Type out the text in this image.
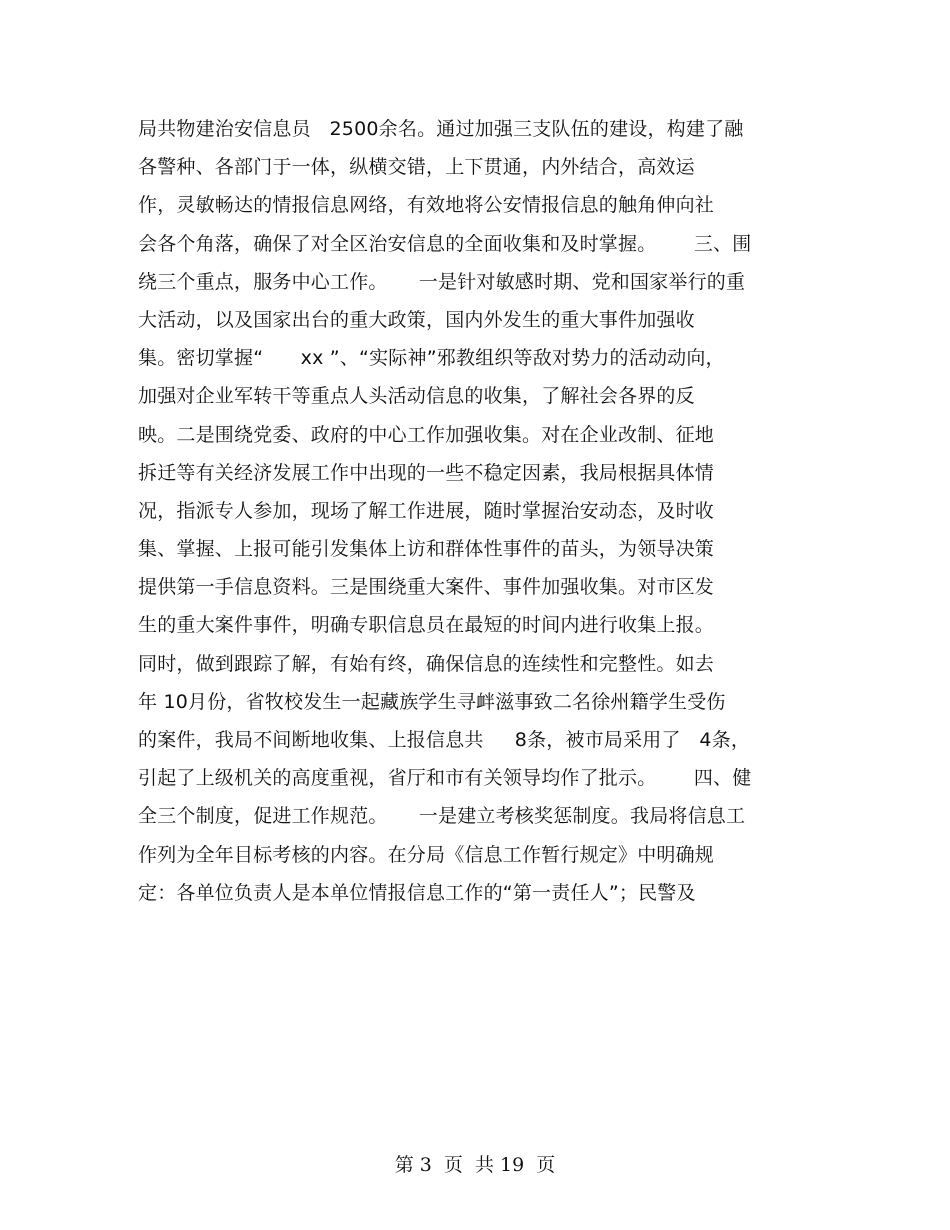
局共物建治安信息员   2500余名。通过加强三支队伍的建设，构建了融
各警种、各部门于一体，纵横交错，上下贯通，内外结合，高效运
作，灵敏畅达的情报信息网络，有效地将公安情报信息的触角伸向社
会各个角落，确保了对全区治安信息的全面收集和及时掌握。      三、围
绕三个重点，服务中心工作。     一是针对敏感时期、党和国家举行的重
大活动，以及国家出台的重大政策，国内外发生的重大事件加强收
集。密切掌握“      xx ”、“实际神”邪教组织等敌对势力的活动动向，
加强对企业军转干等重点人头活动信息的收集，了解社会各界的反
映。二是围绕党委、政府的中心工作加强收集。对在企业改制、征地
拆迁等有关经济发展工作中出现的一些不稳定因素，我局根据具体情
况，指派专人参加，现场了解工作进展，随时掌握治安动态，及时收
集、掌握、上报可能引发集体上访和群体性事件的苗头，为领导决策
提供第一手信息资料。三是围绕重大案件、事件加强收集。对市区发
生的重大案件事件，明确专职信息员在最短的时间内进行收集上报。
同时，做到跟踪了解，有始有终，确保信息的连续性和完整性。如去
年 10月份，省牧校发生一起藏族学生寻衅滋事致二名徐州籍学生受伤
的案件，我局不间断地收集、上报信息共     8条，被市局采用了   4条，
引起了上级机关的高度重视，省厅和市有关领导均作了批示。      四、健
全三个制度，促进工作规范。     一是建立考核奖惩制度。我局将信息工
作列为全年目标考核的内容。在分局《信息工作暂行规定》中明确规
定：各单位负责人是本单位情报信息工作的“第一责任人”；民警及
第 3  页  共 19  页
